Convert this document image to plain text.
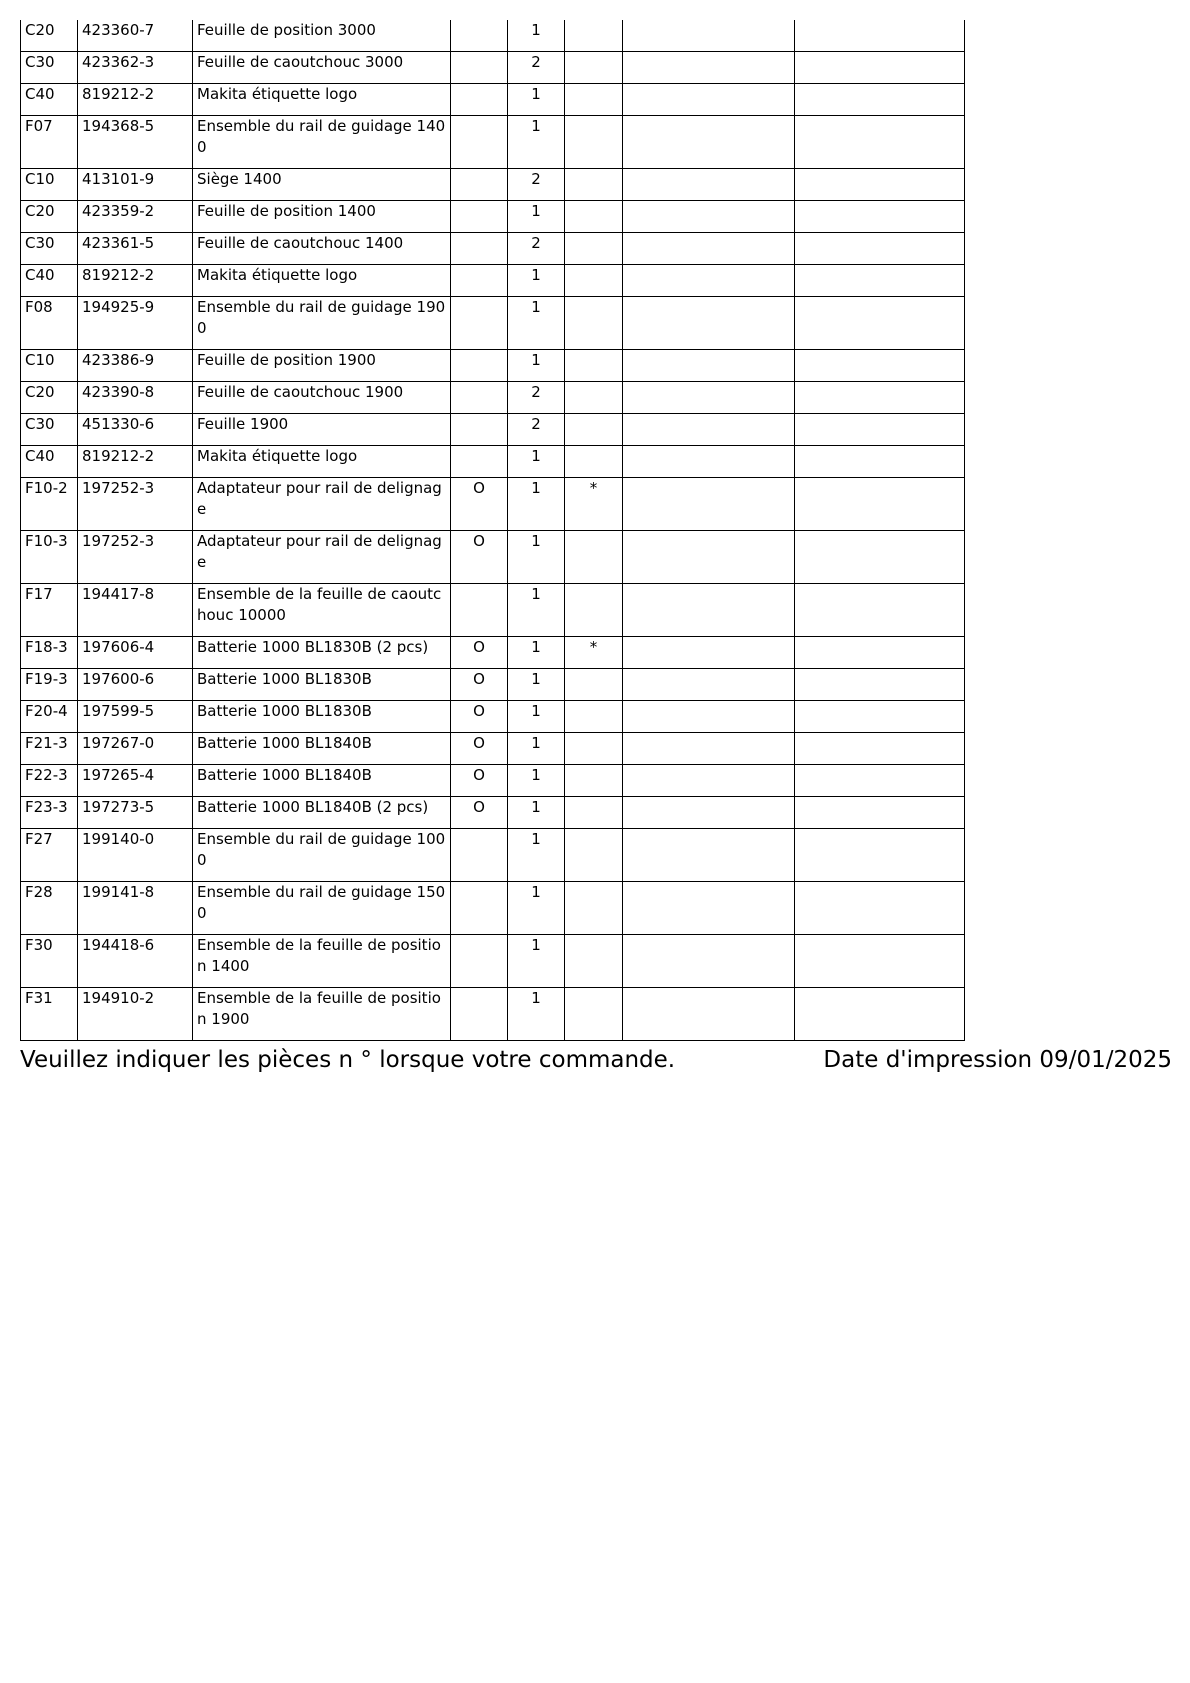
C20	423360-7	Feuille de position 3000		1			
C30	423362-3	Feuille de caoutchouc 3000		2			
C40	819212-2	Makita étiquette logo		1			
F07	194368-5	Ensemble du rail de guidage 1400		1			
C10	413101-9	Siège 1400		2			
C20	423359-2	Feuille de position 1400		1			
C30	423361-5	Feuille de caoutchouc 1400		2			
C40	819212-2	Makita étiquette logo		1			
F08	194925-9	Ensemble du rail de guidage 1900		1			
C10	423386-9	Feuille de position 1900		1			
C20	423390-8	Feuille de caoutchouc 1900		2			
C30	451330-6	Feuille 1900		2			
C40	819212-2	Makita étiquette logo		1			
F10-2	197252-3	Adaptateur pour rail de delignage	O	1	*		
F10-3	197252-3	Adaptateur pour rail de delignage	O	1			
F17	194417-8	Ensemble de la feuille de caoutchouc 10000		1			
F18-3	197606-4	Batterie 1000 BL1830B (2 pcs)	O	1	*		
F19-3	197600-6	Batterie 1000 BL1830B	O	1			
F20-4	197599-5	Batterie 1000 BL1830B	O	1			
F21-3	197267-0	Batterie 1000 BL1840B	O	1			
F22-3	197265-4	Batterie 1000 BL1840B	O	1			
F23-3	197273-5	Batterie 1000 BL1840B (2 pcs)	O	1			
F27	199140-0	Ensemble du rail de guidage 1000		1			
F28	199141-8	Ensemble du rail de guidage 1500		1			
F30	194418-6	Ensemble de la feuille de position 1400		1			
F31	194910-2	Ensemble de la feuille de position 1900		1			
Veuillez indiquer les pièces n ° lorsque votre commande.	Date d'impression 09/01/2025
